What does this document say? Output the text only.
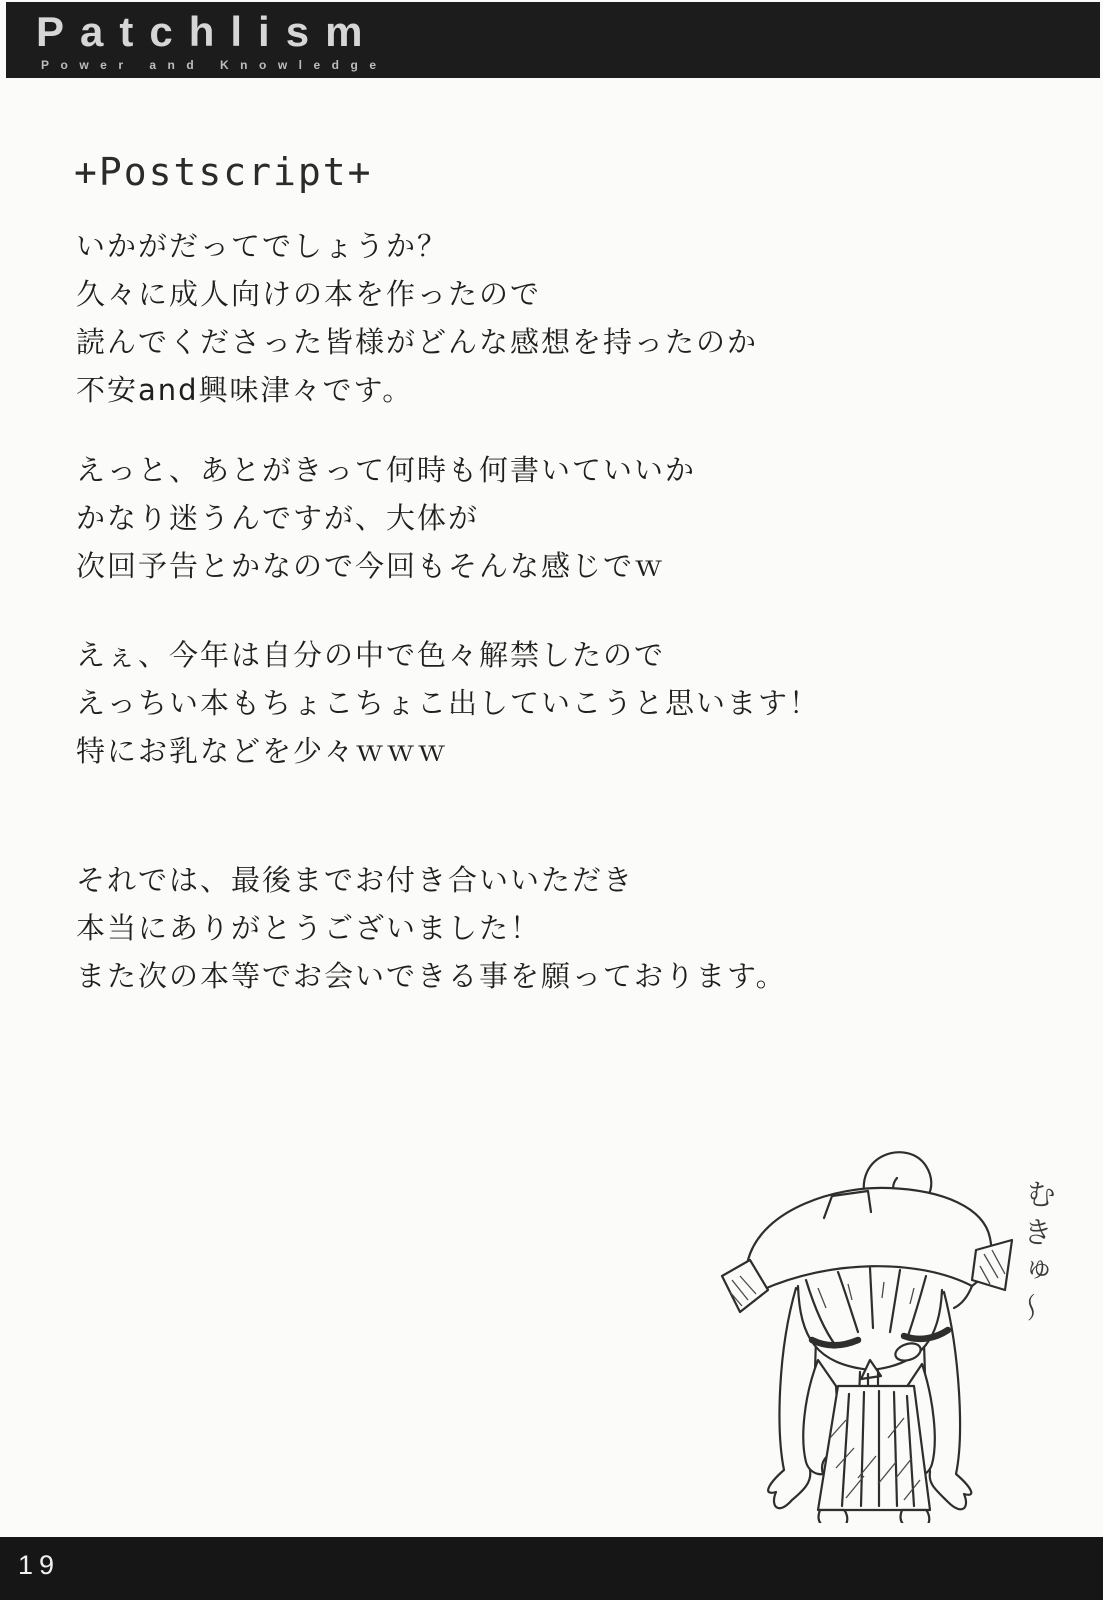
Patchlism
Power and Knowledge
+Postscript+
いかがだってでしょうか？
久々に成人向けの本を作ったので
読んでくださった皆様がどんな感想を持ったのか
不安and興味津々です。
えっと、あとがきって何時も何書いていいか
かなり迷うんですが、大体が
次回予告とかなので今回もそんな感じでｗ
えぇ、今年は自分の中で色々解禁したので
えっちい本もちょこちょこ出していこうと思います！
特にお乳などを少々ｗｗｗ
それでは、最後までお付き合いいただき
本当にありがとうございました！
また次の本等でお会いできる事を願っております。
むきゅ〜
19
